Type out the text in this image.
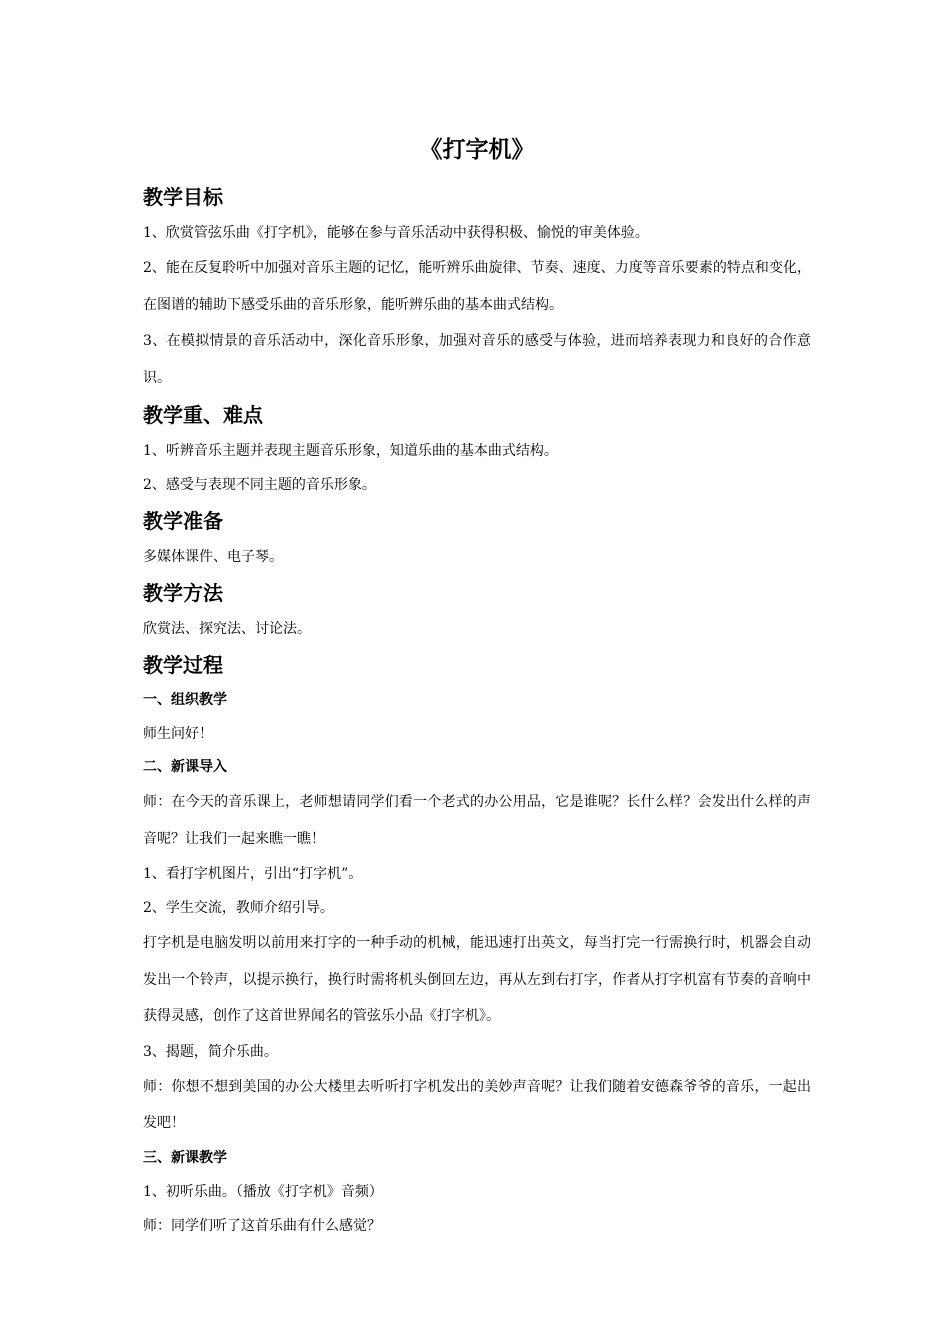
《打字机》
教学目标

1、欣赏管弦乐曲《打字机》，能够在参与音乐活动中获得积极、愉悦的审美体验。

2、能在反复聆听中加强对音乐主题的记忆，能听辨乐曲旋律、节奏、速度、力度等音乐要素的特点和变化，在图谱的辅助下感受乐曲的音乐形象，能听辨乐曲的基本曲式结构。

3、在模拟情景的音乐活动中，深化音乐形象，加强对音乐的感受与体验，进而培养表现力和良好的合作意识。

教学重、难点

1、听辨音乐主题并表现主题音乐形象，知道乐曲的基本曲式结构。

2、感受与表现不同主题的音乐形象。

教学准备

多媒体课件、电子琴。

教学方法

欣赏法、探究法、讨论法。

教学过程
一、组织教学

师生问好！

二、新课导入

师：在今天的音乐课上，老师想请同学们看一个老式的办公用品，它是谁呢？长什么样？会发出什么样的声音呢？让我们一起来瞧一瞧！

1、看打字机图片，引出“打字机”。

2、学生交流，教师介绍引导。

打字机是电脑发明以前用来打字的一种手动的机械，能迅速打出英文，每当打完一行需换行时，机器会自动发出一个铃声，以提示换行，换行时需将机头倒回左边，再从左到右打字，作者从打字机富有节奏的音响中获得灵感，创作了这首世界闻名的管弦乐小品《打字机》。

3、揭题，简介乐曲。

师：你想不想到美国的办公大楼里去听听打字机发出的美妙声音呢？让我们随着安德森爷爷的音乐，一起出发吧！

三、新课教学

1、初听乐曲。（播放《打字机》音频）

师：同学们听了这首乐曲有什么感觉？
